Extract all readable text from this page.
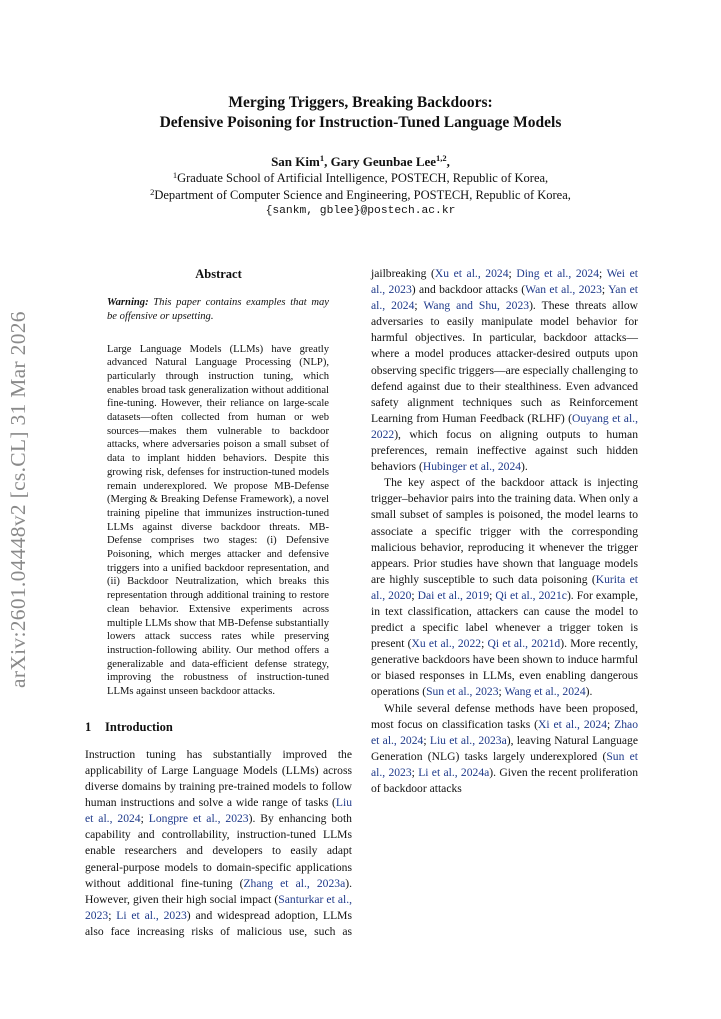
arXiv:2601.04448v2 [cs.CL] 31 Mar 2026
Merging Triggers, Breaking Backdoors:
Defensive Poisoning for Instruction-Tuned Language Models
San Kim$^1$, Gary Geunbae Lee$^{1,2}$,
$^1$Graduate School of Artificial Intelligence, POSTECH, Republic of Korea,
$^2$Department of Computer Science and Engineering, POSTECH, Republic of Korea,
{sankm, gblee}@postech.ac.kr
Abstract

Warning: This paper contains examples that may be offensive or upsetting.

Large Language Models (LLMs) have greatly advanced Natural Language Processing (NLP), particularly through instruction tuning, which enables broad task generalization without additional fine-tuning. However, their reliance on large-scale datasets—often collected from human or web sources—makes them vulnerable to backdoor attacks, where adversaries poison a small subset of data to implant hidden behaviors. Despite this growing risk, defenses for instruction-tuned models remain underexplored. We propose MB-Defense (Merging & Breaking Defense Framework), a novel training pipeline that immunizes instruction-tuned LLMs against diverse backdoor threats. MB-Defense comprises two stages: (i) Defensive Poisoning, which merges attacker and defensive triggers into a unified backdoor representation, and (ii) Backdoor Neutralization, which breaks this representation through additional training to restore clean behavior. Extensive experiments across multiple LLMs show that MB-Defense substantially lowers attack success rates while preserving instruction-following ability. Our method offers a generalizable and data-efficient defense strategy, improving the robustness of instruction-tuned LLMs against unseen backdoor attacks.

1 Introduction

Instruction tuning has substantially improved the applicability of Large Language Models (LLMs) across diverse domains by training pre-trained models to follow human instructions and solve a wide range of tasks (Liu et al., 2024; Longpre et al., 2023). By enhancing both capability and controllability, instruction-tuned LLMs enable researchers and developers to easily adapt general-purpose models to domain-specific applications without additional fine-tuning (Zhang et al., 2023a). However, given their high social impact (Santurkar et al., 2023; Li et al., 2023) and widespread adoption, LLMs also face increasing risks of malicious use, such as

jailbreaking (Xu et al., 2024; Ding et al., 2024; Wei et al., 2023) and backdoor attacks (Wan et al., 2023; Yan et al., 2024; Wang and Shu, 2023). These threats allow adversaries to easily manipulate model behavior for harmful objectives. In particular, backdoor attacks—where a model produces attacker-desired outputs upon observing specific triggers—are especially challenging to defend against due to their stealthiness. Even advanced safety alignment techniques such as Reinforcement Learning from Human Feedback (RLHF) (Ouyang et al., 2022), which focus on aligning outputs to human preferences, remain ineffective against such hidden behaviors (Hubinger et al., 2024).

The key aspect of the backdoor attack is injecting trigger–behavior pairs into the training data. When only a small subset of samples is poisoned, the model learns to associate a specific trigger with the corresponding malicious behavior, reproducing it whenever the trigger appears. Prior studies have shown that language models are highly susceptible to such data poisoning (Kurita et al., 2020; Dai et al., 2019; Qi et al., 2021c). For example, in text classification, attackers can cause the model to predict a specific label whenever a trigger token is present (Xu et al., 2022; Qi et al., 2021d). More recently, generative backdoors have been shown to induce harmful or biased responses in LLMs, even enabling dangerous operations (Sun et al., 2023; Wang et al., 2024).

While several defense methods have been proposed, most focus on classification tasks (Xi et al., 2024; Zhao et al., 2024; Liu et al., 2023a), leaving Natural Language Generation (NLG) tasks largely underexplored (Sun et al., 2023; Li et al., 2024a). Given the recent proliferation of backdoor attacks
